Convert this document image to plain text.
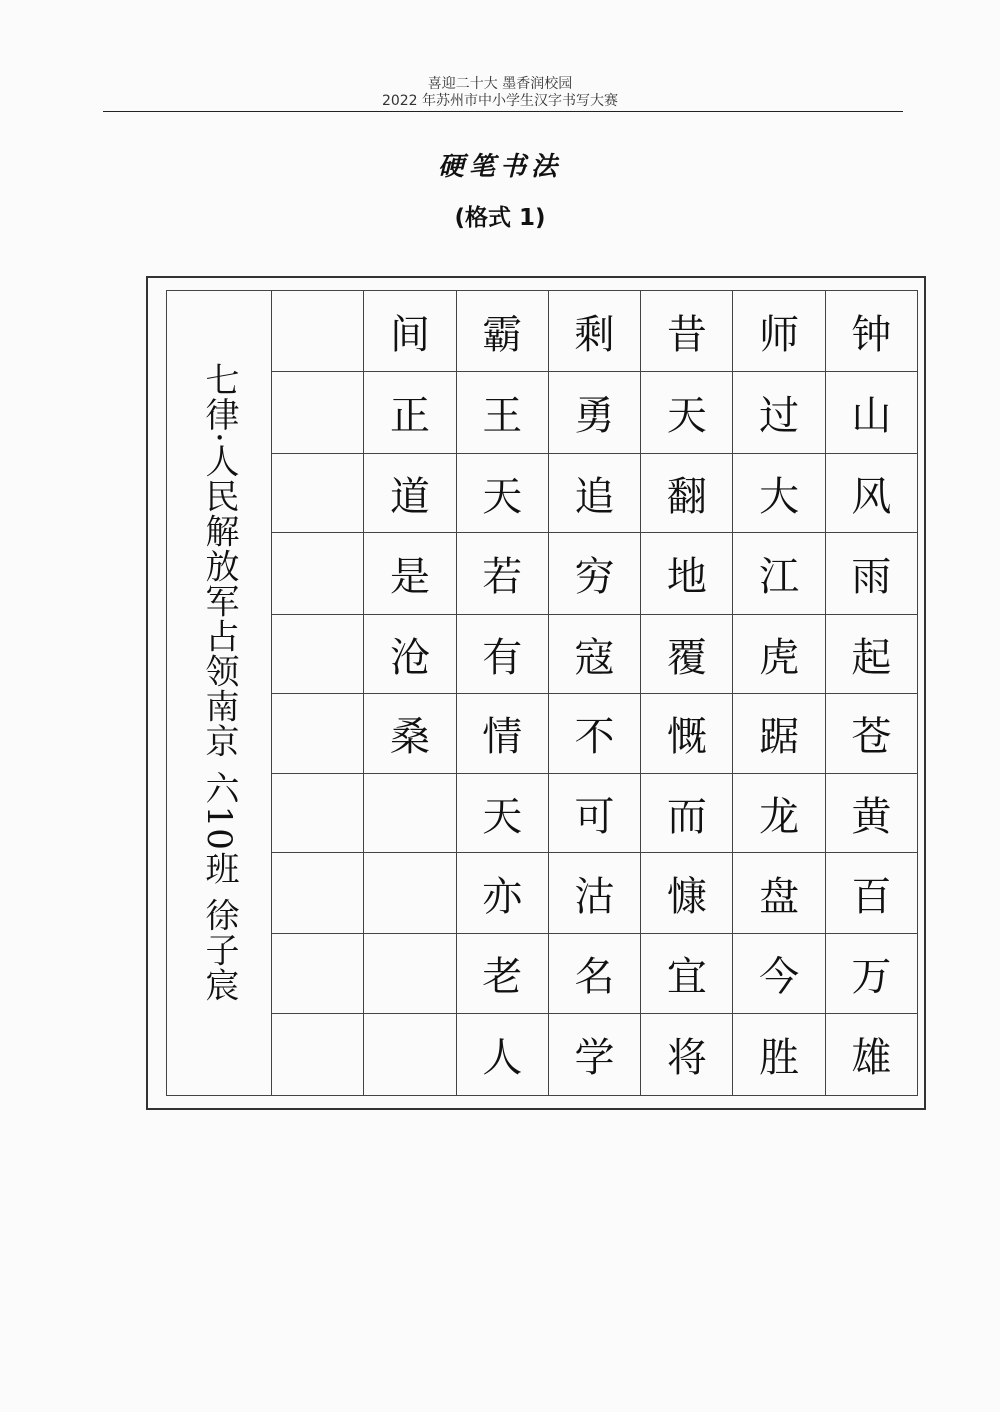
喜迎二十大 墨香润校园
2022 年苏州市中小学生汉字书写大赛
硬笔书法
(格式 1)
七律·人民解放军占领南京 六10班 徐子宸		间	霸	剩	昔	师	钟
		正	王	勇	天	过	山
		道	天	追	翻	大	风
		是	若	穷	地	江	雨
		沧	有	寇	覆	虎	起
		桑	情	不	慨	踞	苍
			天	可	而	龙	黄
			亦	沽	慷	盘	百
			老	名	宜	今	万
			人	学	将	胜	雄
